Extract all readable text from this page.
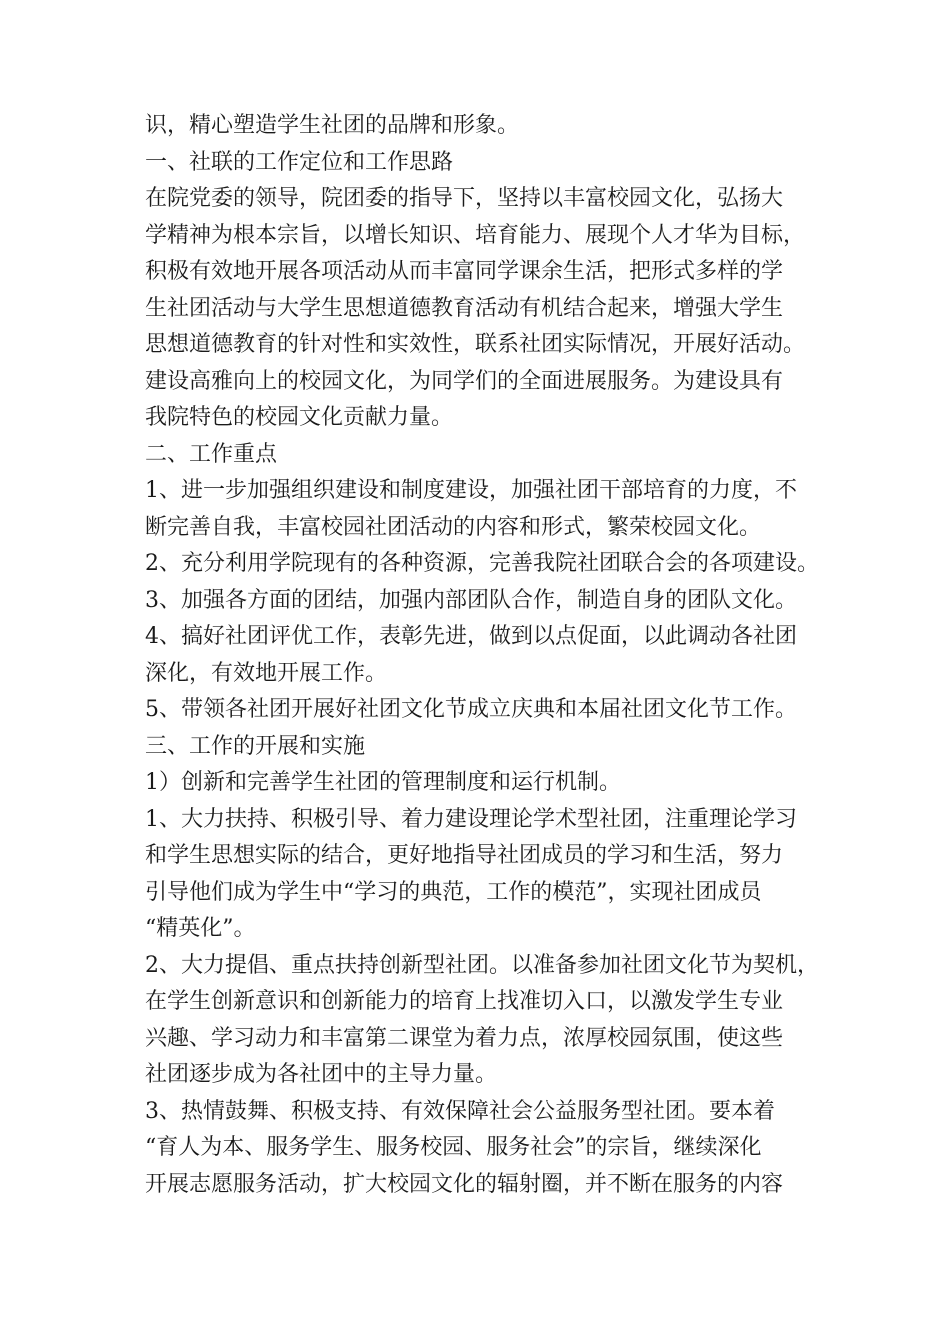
识，精心塑造学生社团的品牌和形象。
一、社联的工作定位和工作思路
在院党委的领导，院团委的指导下，坚持以丰富校园文化，弘扬大
学精神为根本宗旨，以增长知识、培育能力、展现个人才华为目标，
积极有效地开展各项活动从而丰富同学课余生活，把形式多样的学
生社团活动与大学生思想道德教育活动有机结合起来，增强大学生
思想道德教育的针对性和实效性，联系社团实际情况，开展好活动。
建设高雅向上的校园文化，为同学们的全面进展服务。为建设具有
我院特色的校园文化贡献力量。
二、工作重点
1、进一步加强组织建设和制度建设，加强社团干部培育的力度，不
断完善自我，丰富校园社团活动的内容和形式，繁荣校园文化。
2、充分利用学院现有的各种资源，完善我院社团联合会的各项建设。
3、加强各方面的团结，加强内部团队合作，制造自身的团队文化。
4、搞好社团评优工作，表彰先进，做到以点促面，以此调动各社团
深化，有效地开展工作。
5、带领各社团开展好社团文化节成立庆典和本届社团文化节工作。
三、工作的开展和实施
1）创新和完善学生社团的管理制度和运行机制。
1、大力扶持、积极引导、着力建设理论学术型社团，注重理论学习
和学生思想实际的结合，更好地指导社团成员的学习和生活，努力
引导他们成为学生中“学习的典范，工作的模范”，实现社团成员
“精英化”。
2、大力提倡、重点扶持创新型社团。以准备参加社团文化节为契机，
在学生创新意识和创新能力的培育上找准切入口，以激发学生专业
兴趣、学习动力和丰富第二课堂为着力点，浓厚校园氛围，使这些
社团逐步成为各社团中的主导力量。
3、热情鼓舞、积极支持、有效保障社会公益服务型社团。要本着
“育人为本、服务学生、服务校园、服务社会”的宗旨，继续深化
开展志愿服务活动，扩大校园文化的辐射圈，并不断在服务的内容
